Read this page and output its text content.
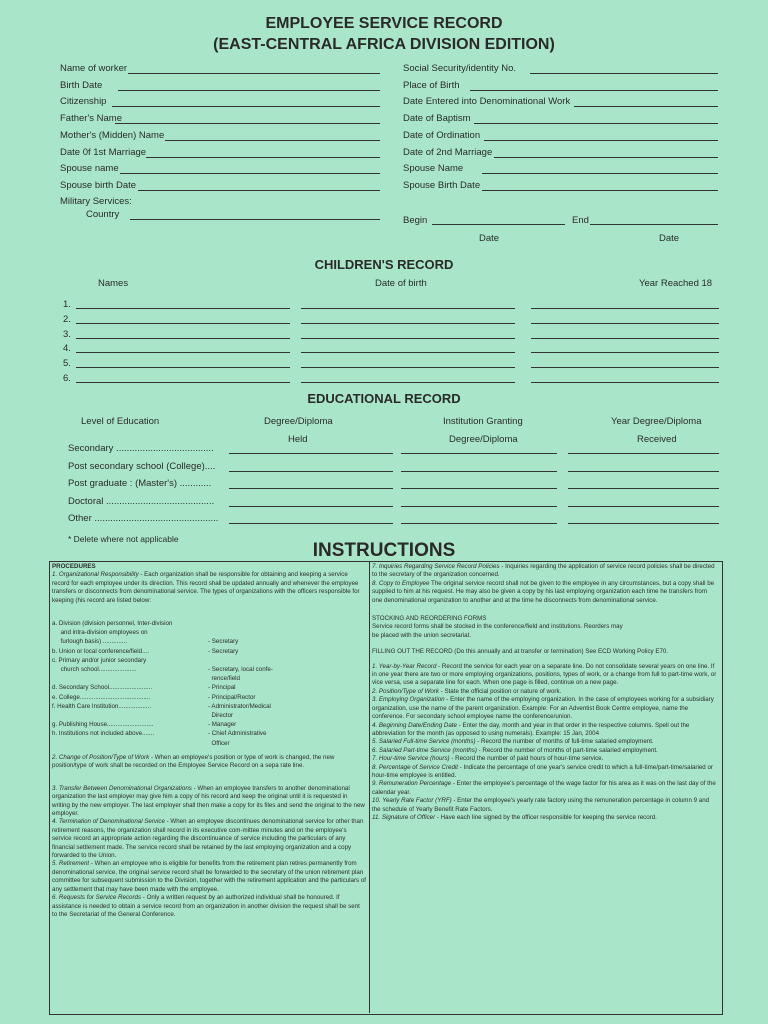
EMPLOYEE SERVICE RECORD
(EAST-CENTRAL AFRICA DIVISION EDITION)
Name of worker
Birth Date
Citizenship
Father's Name
Mother's (Midden) Name
Date 0f 1st Marriage
Spouse name
Spouse birth Date
Military Services:
Country
Social Security/identity No.
Place of Birth
Date Entered into Denominational Work
Date of Baptism
Date of Ordination
Date of 2nd Marriage
Spouse Name
Spouse Birth Date
Begin	End
Date	Date
CHILDREN'S RECORD
Names	Date of birth	Year Reached 18
1.
2.
3.
4.
5.
6.
EDUCATIONAL RECORD
Level of Education	Degree/Diploma
Held
Institution Granting
Degree/Diploma
Year Degree/Diploma
Received
Secondary .....................................
Post secondary school (College)....
Post graduate : (Master's) ............
Doctoral .........................................
Other ...............................................
* Delete where not applicable
INSTRUCTIONS
PROCEDURES
1. Organizational Responsibility - Each organization shall be responsible for obtaining and keeping a service record for each employee under its direction. This record shall be updated annually and whenever the employee transfers or disconnects from denominational service. The types of organizations with the officers responsible for keeping (his record are listed below:
a. Division (division personnel, Inter-division
and intra-division employees on
furlough basis) ..............	- Secretary
b. Union or local conference/field....	- Secretary
c. Primary and/or junior secondary
church school......................	- Secretary, local confe-
rence/field
d. Secondary School.........................	- Principal
e. College.........................................	- Principal/Rector
f. Health Care Institution...................	- Administrator/Medical
Director
g. Publishing House...........................	- Manager
h. Institutions not included above.......	- Chief Administrative
Officer
2. Change of Position/Type of Work - When an employee's position or type of work is changed, the new position/type of work shall be recorded on the Employee Service Record on a sepa rate line.
3. Transfer Between Denominational Organizations - When an employee transfers to another denominational organization the last employer may give him a copy of his record and keep the original until it is requested in writing by the new employer. The last employer shall then make a copy for its files and send the original to the new employer.
4. Termination of Denominational Service - When an employee discontinues denominational service for other than retirement reasons, the organization shall record in its executive com-mittee minutes and on the employee's service record an appropriate action regarding the discontinuance of service including the particulars of any financial settlement made. The service record shall be retained by the last employing organization and a copy forwarded to the Union.
5. Retirement - When an employee who is eligible for benefits from the retirement plan retires permanently from denominational service, the original service record shall be forwarded to the secretary of the union retirement plan committee for subsequent submission to the Division, together with the retirement application and the particulars of any settlement that may have been made with the employee.
6. Requests for Service Records - Only a written request by an authorized individual shall be honoured. If assistance is needed to obtain a service record from an organization in another division the request shall be sent to the Secretariat of the General Conference.
7. Inquiries Regarding Service Record Policies - Inquiries regarding the application of service record policies shall be directed to the secretary of the organization concerned.
8. Copy to Employee The original service record shall not be given to the employee in any circumstances, but a copy shall be supplied to him at his request. He may also be given a copy by his last employing organization each time he transfers from one denominational organization to another and at the time he disconnects from denominational service.
STOCKING AND REORDERING FORMS
Service record forms shall be stocked in the conference/field and institutions. Reorders may
be placed with the union secretariat.
FILLING OUT THE RECORD (Do this annually and at transfer or termination) See ECD Working Policy E70.
1. Year-by-Year Record - Record the service for each year on a separate line. Do not consolidate several years on one line. If in one year there are two or more employing organizations, positions, types of work, or a change from full to part-time work, or vice versa, use a separate line for each. When one page is filled, continue on a new page.
2. Position/Type of Work - State the official position or nature of work.
3. Employing Organization - Enter the name of the employing organization. In the case of employees working for a subsidiary organization, use the name of the parent organization. Example: For an Adventist Book Centre employee, name the conference. For secondary school employee name the conference/union.
4. Beginning Date/Ending Date - Enter the day, month and year in that order in the respective columns. Spell out the abbreviation for the month (as opposed to using numerals). Example: 15 Jan, 2004
5. Salaried Full-time Service (months) - Record the number of months of full-time salaried employment.
6. Salaried Part-time Service (months) - Record the number of months of part-time salaried employment.
7. Hour-time Service (hours) - Record the number of paid hours of hour-time service.
8. Percentage of Service Credit - Indicate the percentage of one year's service credit to which a full-time/part-time/salaried or hour-time employee is entitled.
9. Remuneration Percentage - Enter the employee's percentage of the wage factor for his area as it was on the last day of the calendar year.
10. Yearly Rate Factor (YRF) - Enter the employee's yearly rate factory using the remuneration percentage in column 9 and the schedule of Yearly Benefit Rate Factors.
11. Signature of Officer - Have each line signed by the officer responsible for keeping the service record.
